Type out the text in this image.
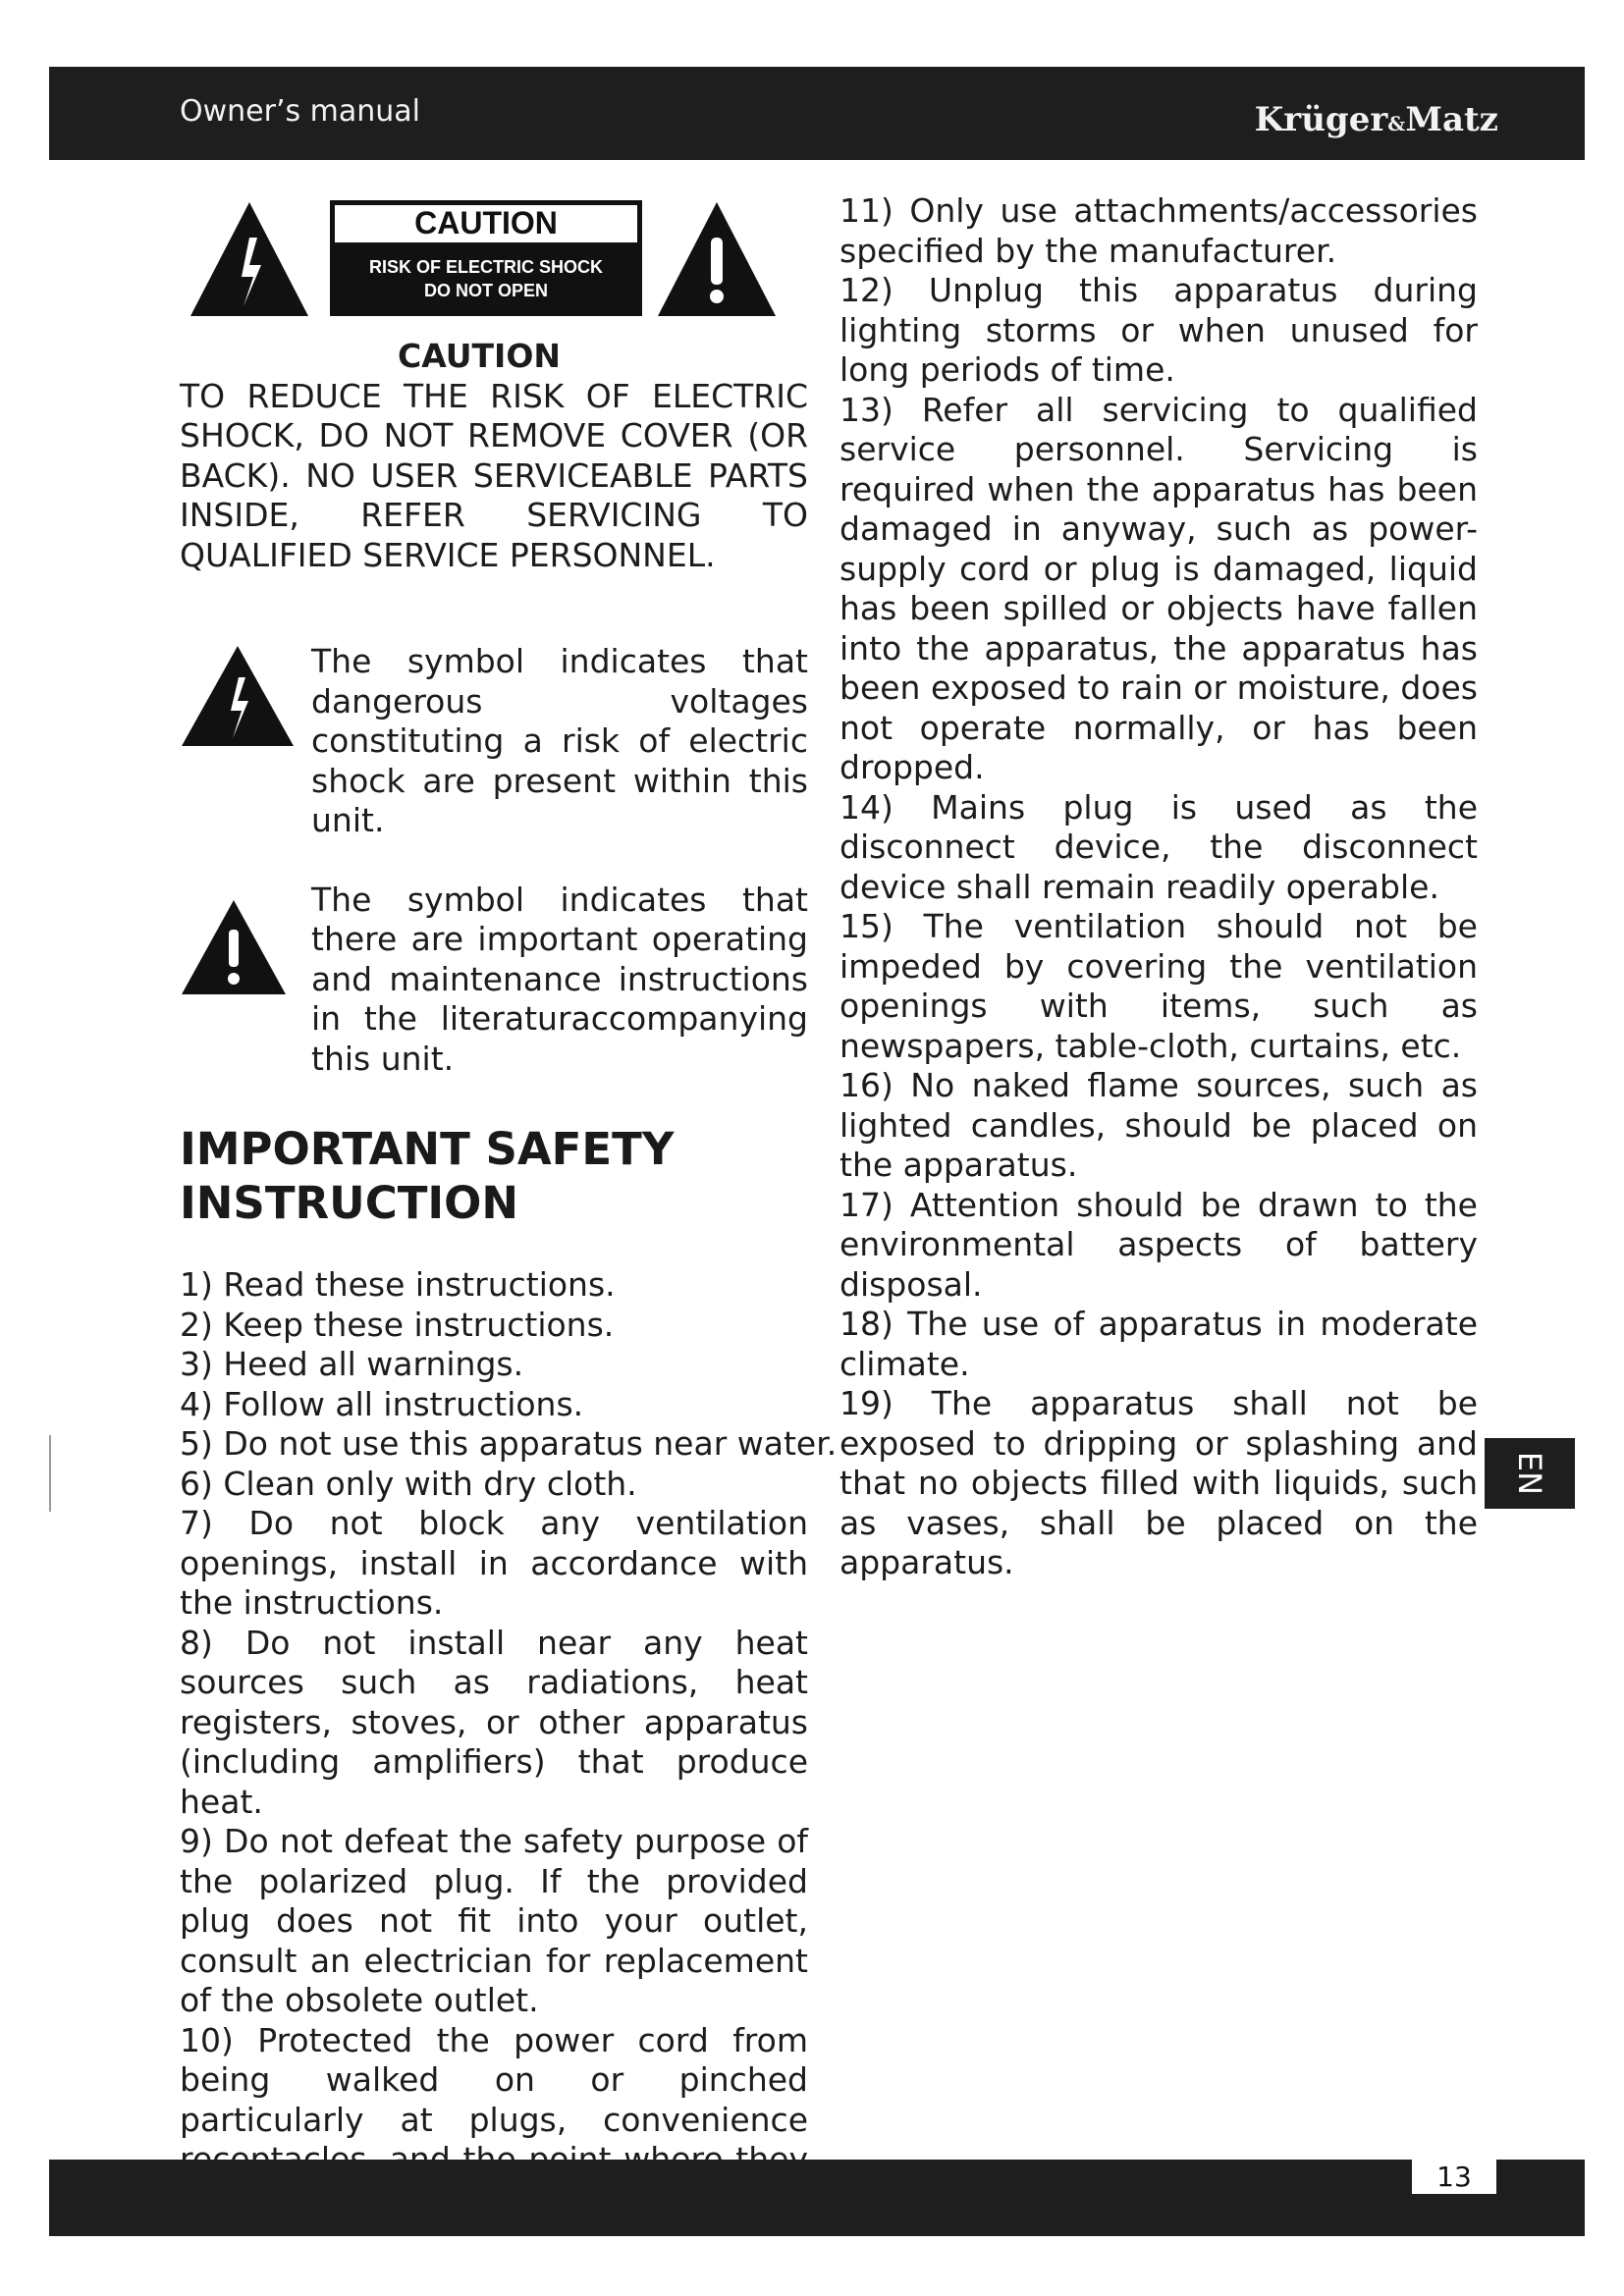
Owner’s manual	Krüger&Matz
CAUTION
RISK OF ELECTRIC SHOCK
DO NOT OPEN
CAUTION
TO REDUCE THE RISK OF ELECTRIC SHOCK, DO NOT REMOVE COVER (OR BACK). NO USER SERVICEABLE PARTS INSIDE, REFER SERVICING TO QUALIFIED SERVICE PERSONNEL.
The symbol indicates that dangerous voltages constituting a risk of electric shock are present within this unit.
The symbol indicates that there are important operating and maintenance instructions in the literaturaccompanying this unit.
IMPORTANT SAFETY INSTRUCTION
1) Read these instructions.
2) Keep these instructions.
3) Heed all warnings.
4) Follow all instructions.
5) Do not use this apparatus near water.
6) Clean only with dry cloth.
7) Do not block any ventilation openings, install in accordance with the instructions.
8) Do not install near any heat sources such as radiations, heat registers, stoves, or other apparatus (including amplifiers) that produce heat.
9) Do not defeat the safety purpose of the polarized plug. If the provided plug does not fit into your outlet, consult an electrician for replacement of the obsolete outlet.
10) Protected the power cord from being walked on or pinched particularly at plugs, convenience
11) Only use attachments/accessories specified by the manufacturer.
12) Unplug this apparatus during lighting storms or when unused for long periods of time.
13) Refer all servicing to qualified service personnel. Servicing is required when the apparatus has been damaged in anyway, such as power-supply cord or plug is damaged, liquid has been spilled or objects have fallen into the apparatus, the apparatus has been exposed to rain or moisture, does not operate normally, or has been dropped.
14) Mains plug is used as the disconnect device, the disconnect device shall remain readily operable.
15) The ventilation should not be impeded by covering the ventilation openings with items, such as newspapers, table-cloth, curtains, etc.
16) No naked flame sources, such as lighted candles, should be placed on the apparatus.
17) Attention should be drawn to the environmental aspects of battery disposal.
18) The use of apparatus in moderate climate.
19) The apparatus shall not be exposed to dripping or splashing and that no objects filled with liquids, such as vases, shall be placed on the apparatus.
EN
13
